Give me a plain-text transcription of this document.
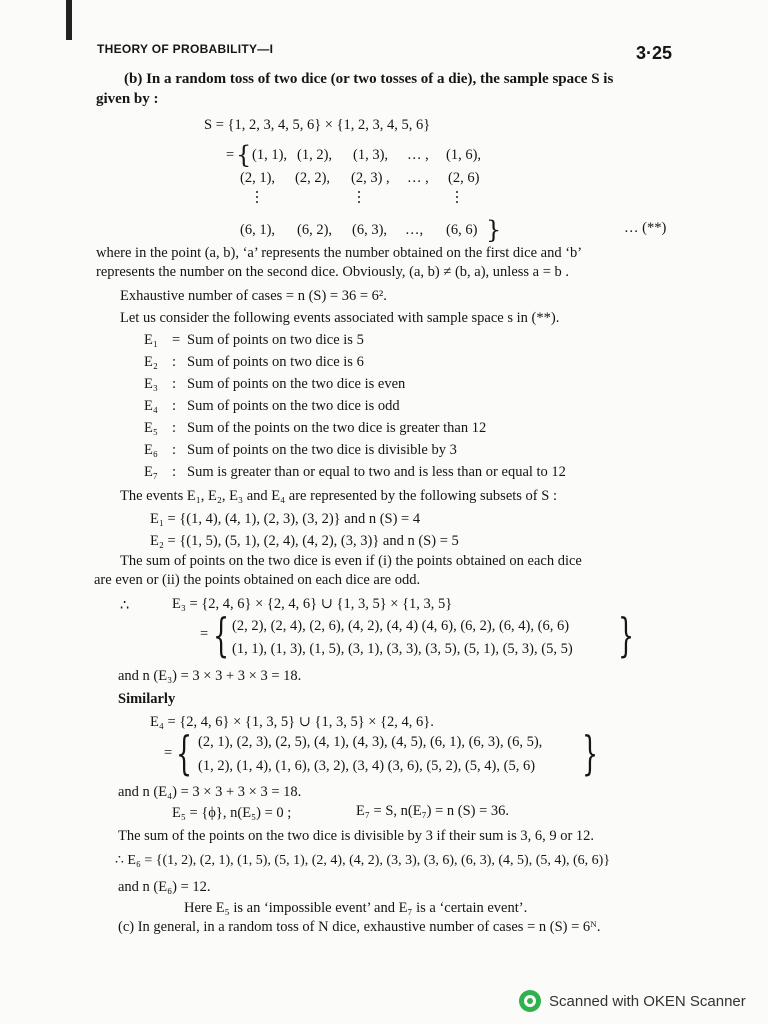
THEORY OF PROBABILITY—I	3·25
(b) In a random toss of two dice (or two tosses of a die), the sample space S is
given by :
S = {1, 2, 3, 4, 5, 6} × {1, 2, 3, 4, 5, 6}
= { (1, 1), (1, 2), (1, 3), … , (1, 6),
(2, 1), (2, 2), (2, 3) , … , (2, 6)
(6, 1), (6, 2), (6, 3), …, (6, 6) }	… (**)
where in the point (a, b), ‘a’ represents the number obtained on the first dice and ‘b’
represents the number on the second dice. Obviously, (a, b) ≠ (b, a), unless a = b .
Exhaustive number of cases = n (S) = 36 = 6².
Let us consider the following events associated with sample space s in (**).
E₁ = Sum of points on two dice is 5
E₂ : Sum of points on two dice is 6
E₃ : Sum of points on the two dice is even
E₄ : Sum of points on the two dice is odd
E₅ : Sum of the points on the two dice is greater than 12
E₆ : Sum of points on the two dice is divisible by 3
E₇ : Sum is greater than or equal to two and is less than or equal to 12
The events E₁, E₂, E₃ and E₄ are represented by the following subsets of S :
E₁ = {(1, 4), (4, 1), (2, 3), (3, 2)} and n (S) = 4
E₂ = {(1, 5), (5, 1), (2, 4), (4, 2), (3, 3)} and n (S) = 5
The sum of points on the two dice is even if (i) the points obtained on each dice
are even or (ii) the points obtained on each dice are odd.
∴	E₃ = {2, 4, 6} × {2, 4, 6} ∪ {1, 3, 5} × {1, 3, 5}
= { (2, 2), (2, 4), (2, 6), (4, 2), (4, 4) (4, 6), (6, 2), (6, 4), (6, 6)
(1, 1), (1, 3), (1, 5), (3, 1), (3, 3), (3, 5), (5, 1), (5, 3), (5, 5) }
and n (E₃) = 3 × 3 + 3 × 3 = 18.
Similarly
E₄ = {2, 4, 6} × {1, 3, 5} ∪ {1, 3, 5} × {2, 4, 6}.
= { (2, 1), (2, 3), (2, 5), (4, 1), (4, 3), (4, 5), (6, 1), (6, 3), (6, 5),
(1, 2), (1, 4), (1, 6), (3, 2), (3, 4) (3, 6), (5, 2), (5, 4), (5, 6) }
and n (E₄) = 3 × 3 + 3 × 3 = 18.
E₅ = {ϕ}, n(E₅) = 0 ;	E₇ = S, n(E₇) = n (S) = 36.
The sum of the points on the two dice is divisible by 3 if their sum is 3, 6, 9 or 12.
∴ E₆ = {(1, 2), (2, 1), (1, 5), (5, 1), (2, 4), (4, 2), (3, 3), (3, 6), (6, 3), (4, 5), (5, 4), (6, 6)}
and n (E₆) = 12.
Here E₅ is an ‘impossible event’ and E₇ is a ‘certain event’.
(c) In general, in a random toss of N dice, exhaustive number of cases = n (S) = 6ᴺ.
Scanned with OKEN Scanner
